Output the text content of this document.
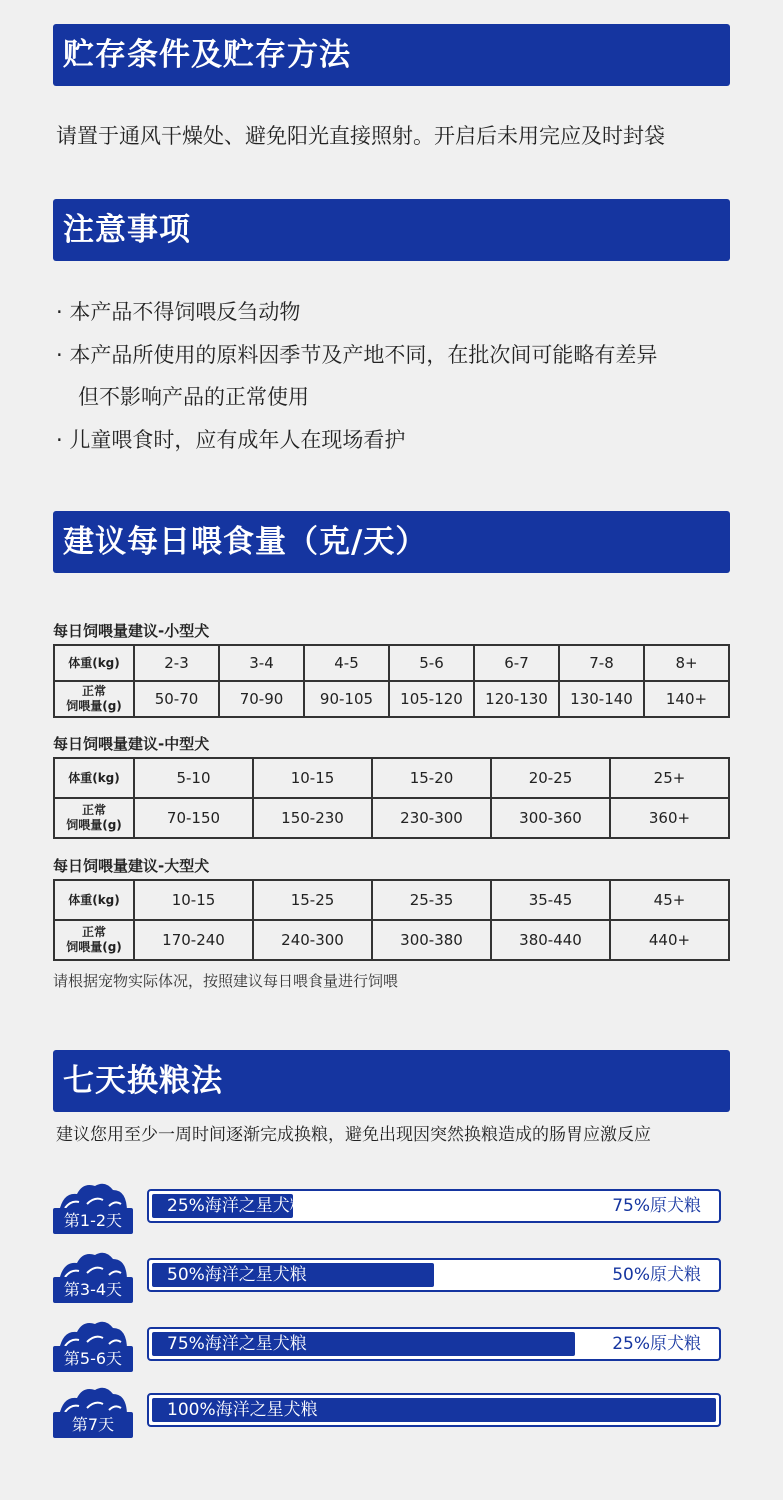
贮存条件及贮存方法
请置于通风干燥处、避免阳光直接照射。开启后未用完应及时封袋
注意事项
· 本产品不得饲喂反刍动物
· 本产品所使用的原料因季节及产地不同，在批次间可能略有差异
但不影响产品的正常使用
· 儿童喂食时，应有成年人在现场看护
建议每日喂食量（克/天）
每日饲喂量建议-小型犬
体重(kg)	2-3	3-4	4-5	5-6	6-7	7-8	8+

正常
饲喂量(g)	50-70	70-90	90-105	105-120	120-130	130-140	140+
每日饲喂量建议-中型犬
体重(kg)	5-10	10-15	15-20	20-25	25+

正常
饲喂量(g)	70-150	150-230	230-300	300-360	360+
每日饲喂量建议-大型犬
体重(kg)	10-15	15-25	25-35	35-45	45+

正常
饲喂量(g)	170-240	240-300	300-380	380-440	440+
请根据宠物实际体况，按照建议每日喂食量进行饲喂
七天换粮法
建议您用至少一周时间逐渐完成换粮，避免出现因突然换粮造成的肠胃应激反应
第1-2天
25%海洋之星犬粮	75%原犬粮
第3-4天
50%海洋之星犬粮	50%原犬粮
第5-6天
75%海洋之星犬粮	25%原犬粮
第7天
100%海洋之星犬粮
